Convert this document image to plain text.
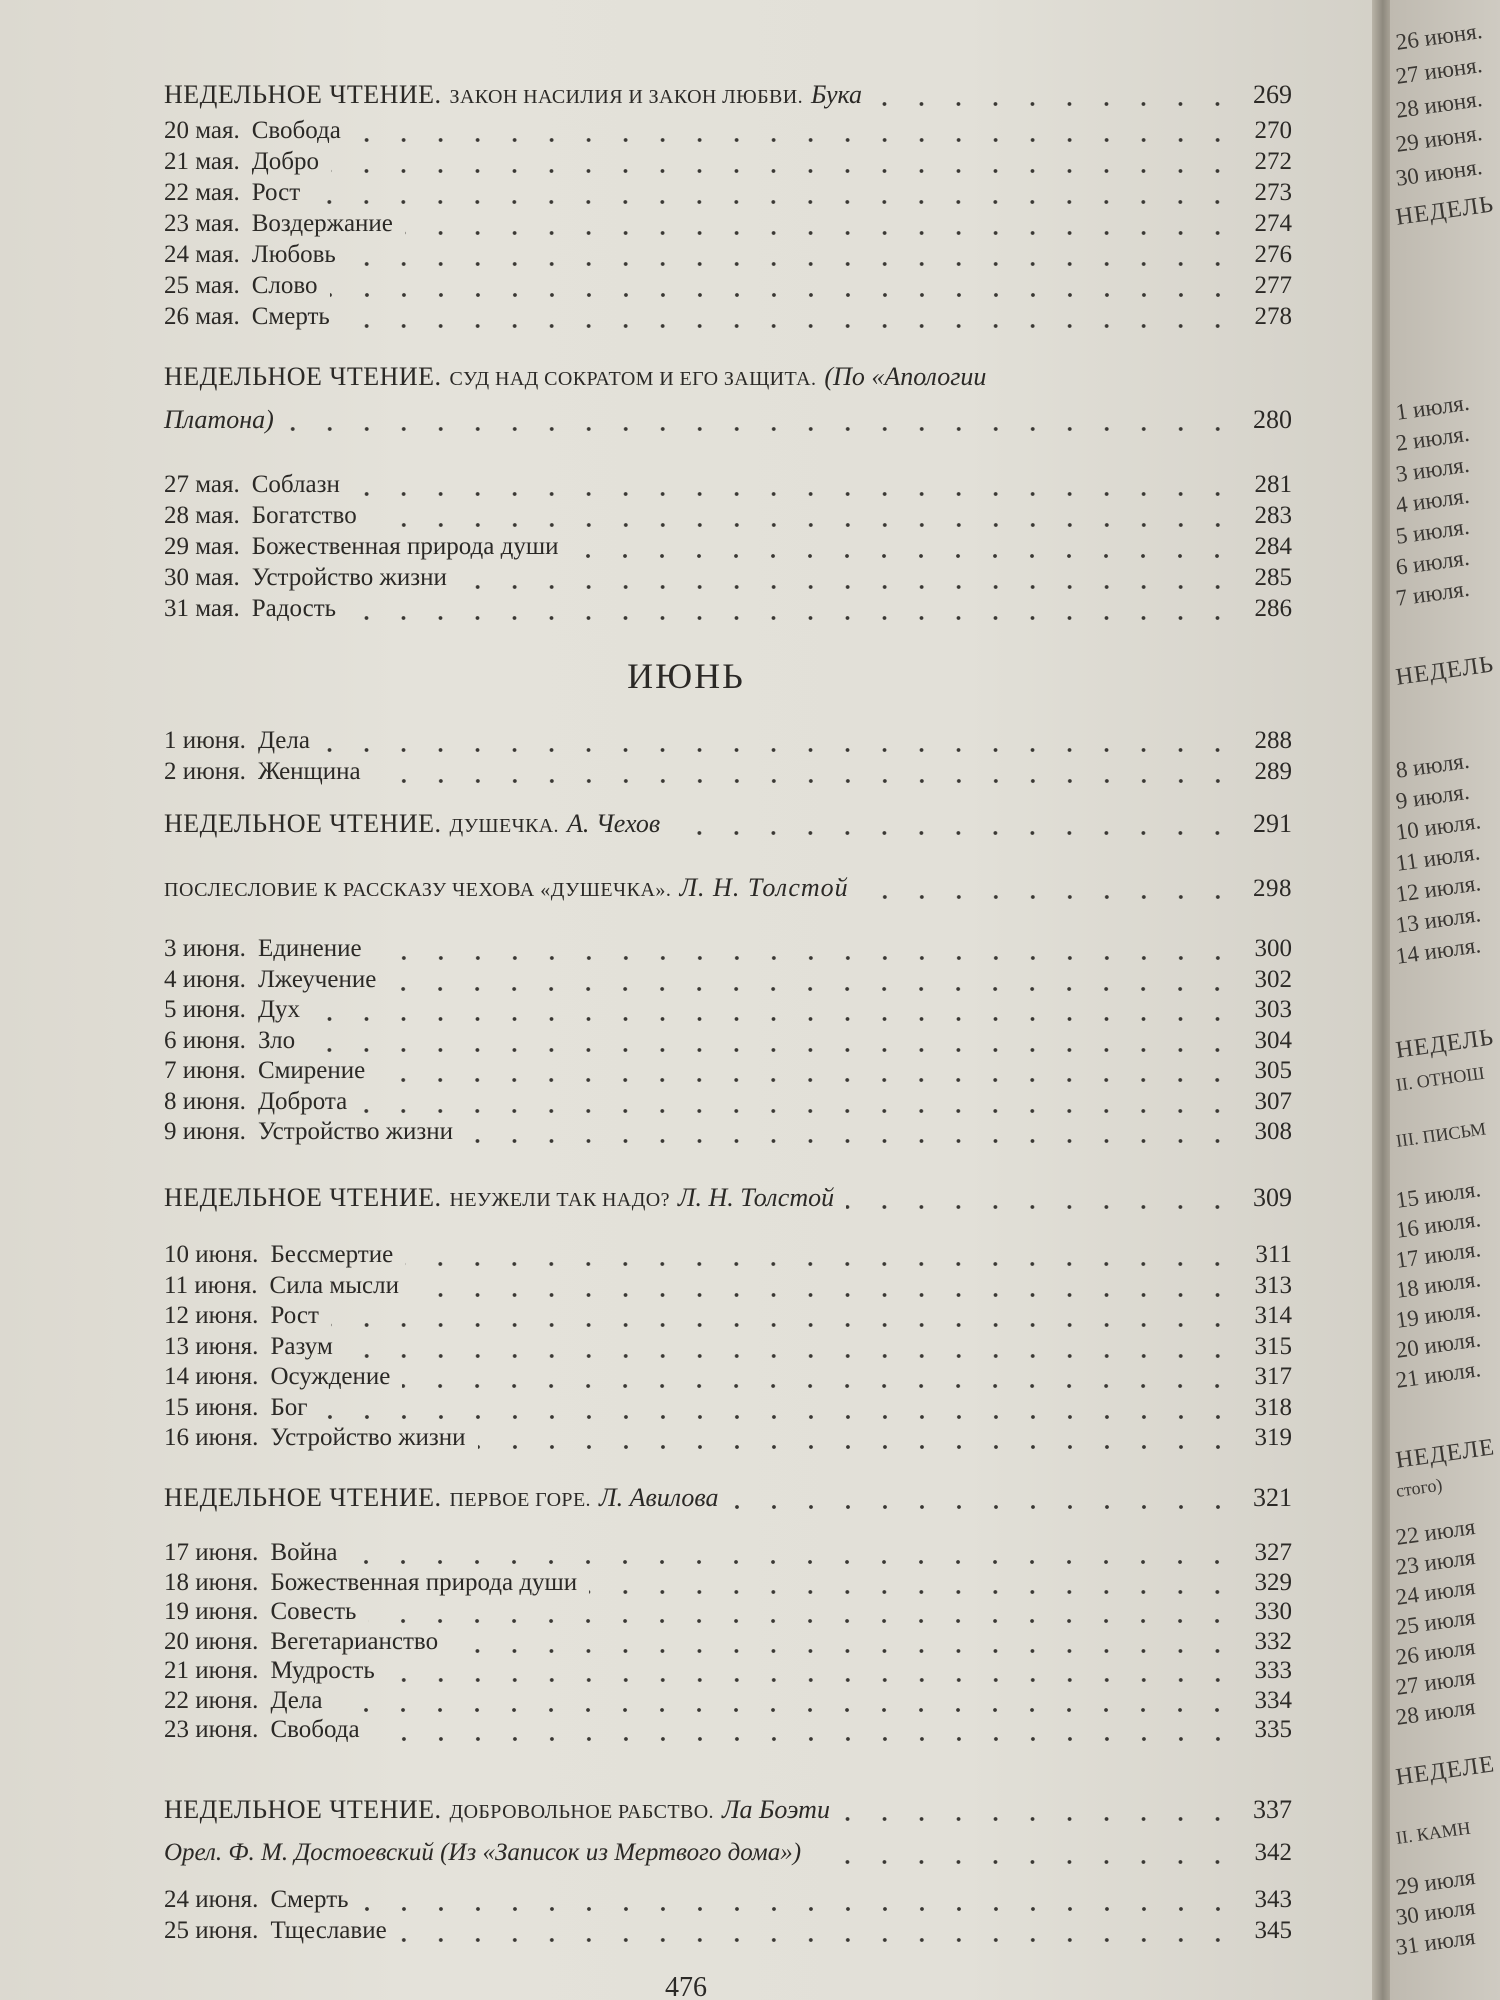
НЕДЕЛЬНОЕ ЧТЕНИЕ. ЗАКОН НАСИЛИЯ И ЗАКОН ЛЮБВИ. Бука	269
20 мая. Свобода	270
21 мая. Добро	272
22 мая. Рост	273
23 мая. Воздержание	274
24 мая. Любовь	276
25 мая. Слово	277
26 мая. Смерть	278
НЕДЕЛЬНОЕ ЧТЕНИЕ. СУД НАД СОКРАТОМ И ЕГО ЗАЩИТА. (По «Апологии
Платона)	280
27 мая. Соблазн	281
28 мая. Богатство	283
29 мая. Божественная природа души	284
30 мая. Устройство жизни	285
31 мая. Радость	286
1 июня. Дела	288
2 июня. Женщина	289
НЕДЕЛЬНОЕ ЧТЕНИЕ. ДУШЕЧКА. А. Чехов	291
ПОСЛЕСЛОВИЕ К РАССКАЗУ ЧЕХОВА «ДУШЕЧКА». Л. Н. Толстой	298
3 июня. Единение	300
4 июня. Лжеучение	302
5 июня. Дух	303
6 июня. Зло	304
7 июня. Смирение	305
8 июня. Доброта	307
9 июня. Устройство жизни	308
НЕДЕЛЬНОЕ ЧТЕНИЕ. НЕУЖЕЛИ ТАК НАДО? Л. Н. Толстой	309
10 июня. Бессмертие	311
11 июня. Сила мысли	313
12 июня. Рост	314
13 июня. Разум	315
14 июня. Осуждение	317
15 июня. Бог	318
16 июня. Устройство жизни	319
НЕДЕЛЬНОЕ ЧТЕНИЕ. ПЕРВОЕ ГОРЕ. Л. Авилова	321
17 июня. Война	327
18 июня. Божественная природа души	329
19 июня. Совесть	330
20 июня. Вегетарианство	332
21 июня. Мудрость	333
22 июня. Дела	334
23 июня. Свобода	335
НЕДЕЛЬНОЕ ЧТЕНИЕ. ДОБРОВОЛЬНОЕ РАБСТВО. Ла Боэти	337
Орел. Ф. М. Достоевский (Из «Записок из Мертвого дома»)	342
24 июня. Смерть	343
25 июня. Тщеславие	345
ИЮНЬ
476
26 июня.
27 июня.
28 июня.
29 июня.
30 июня.
НЕДЕЛЬ
1 июля.
2 июля.
3 июля.
4 июля.
5 июля.
6 июля.
7 июля.
НЕДЕЛЬ
8 июля.
9 июля.
10 июля.
11 июля.
12 июля.
13 июля.
14 июля.
НЕДЕЛЬ
II. ОТНОШ
III. ПИСЬМ
15 июля.
16 июля.
17 июля.
18 июля.
19 июля.
20 июля.
21 июля.
НЕДЕЛЕ
стого)
22 июля
23 июля
24 июля
25 июля
26 июля
27 июля
28 июля
НЕДЕЛЕ
II. КАМН
29 июля
30 июля
31 июля
